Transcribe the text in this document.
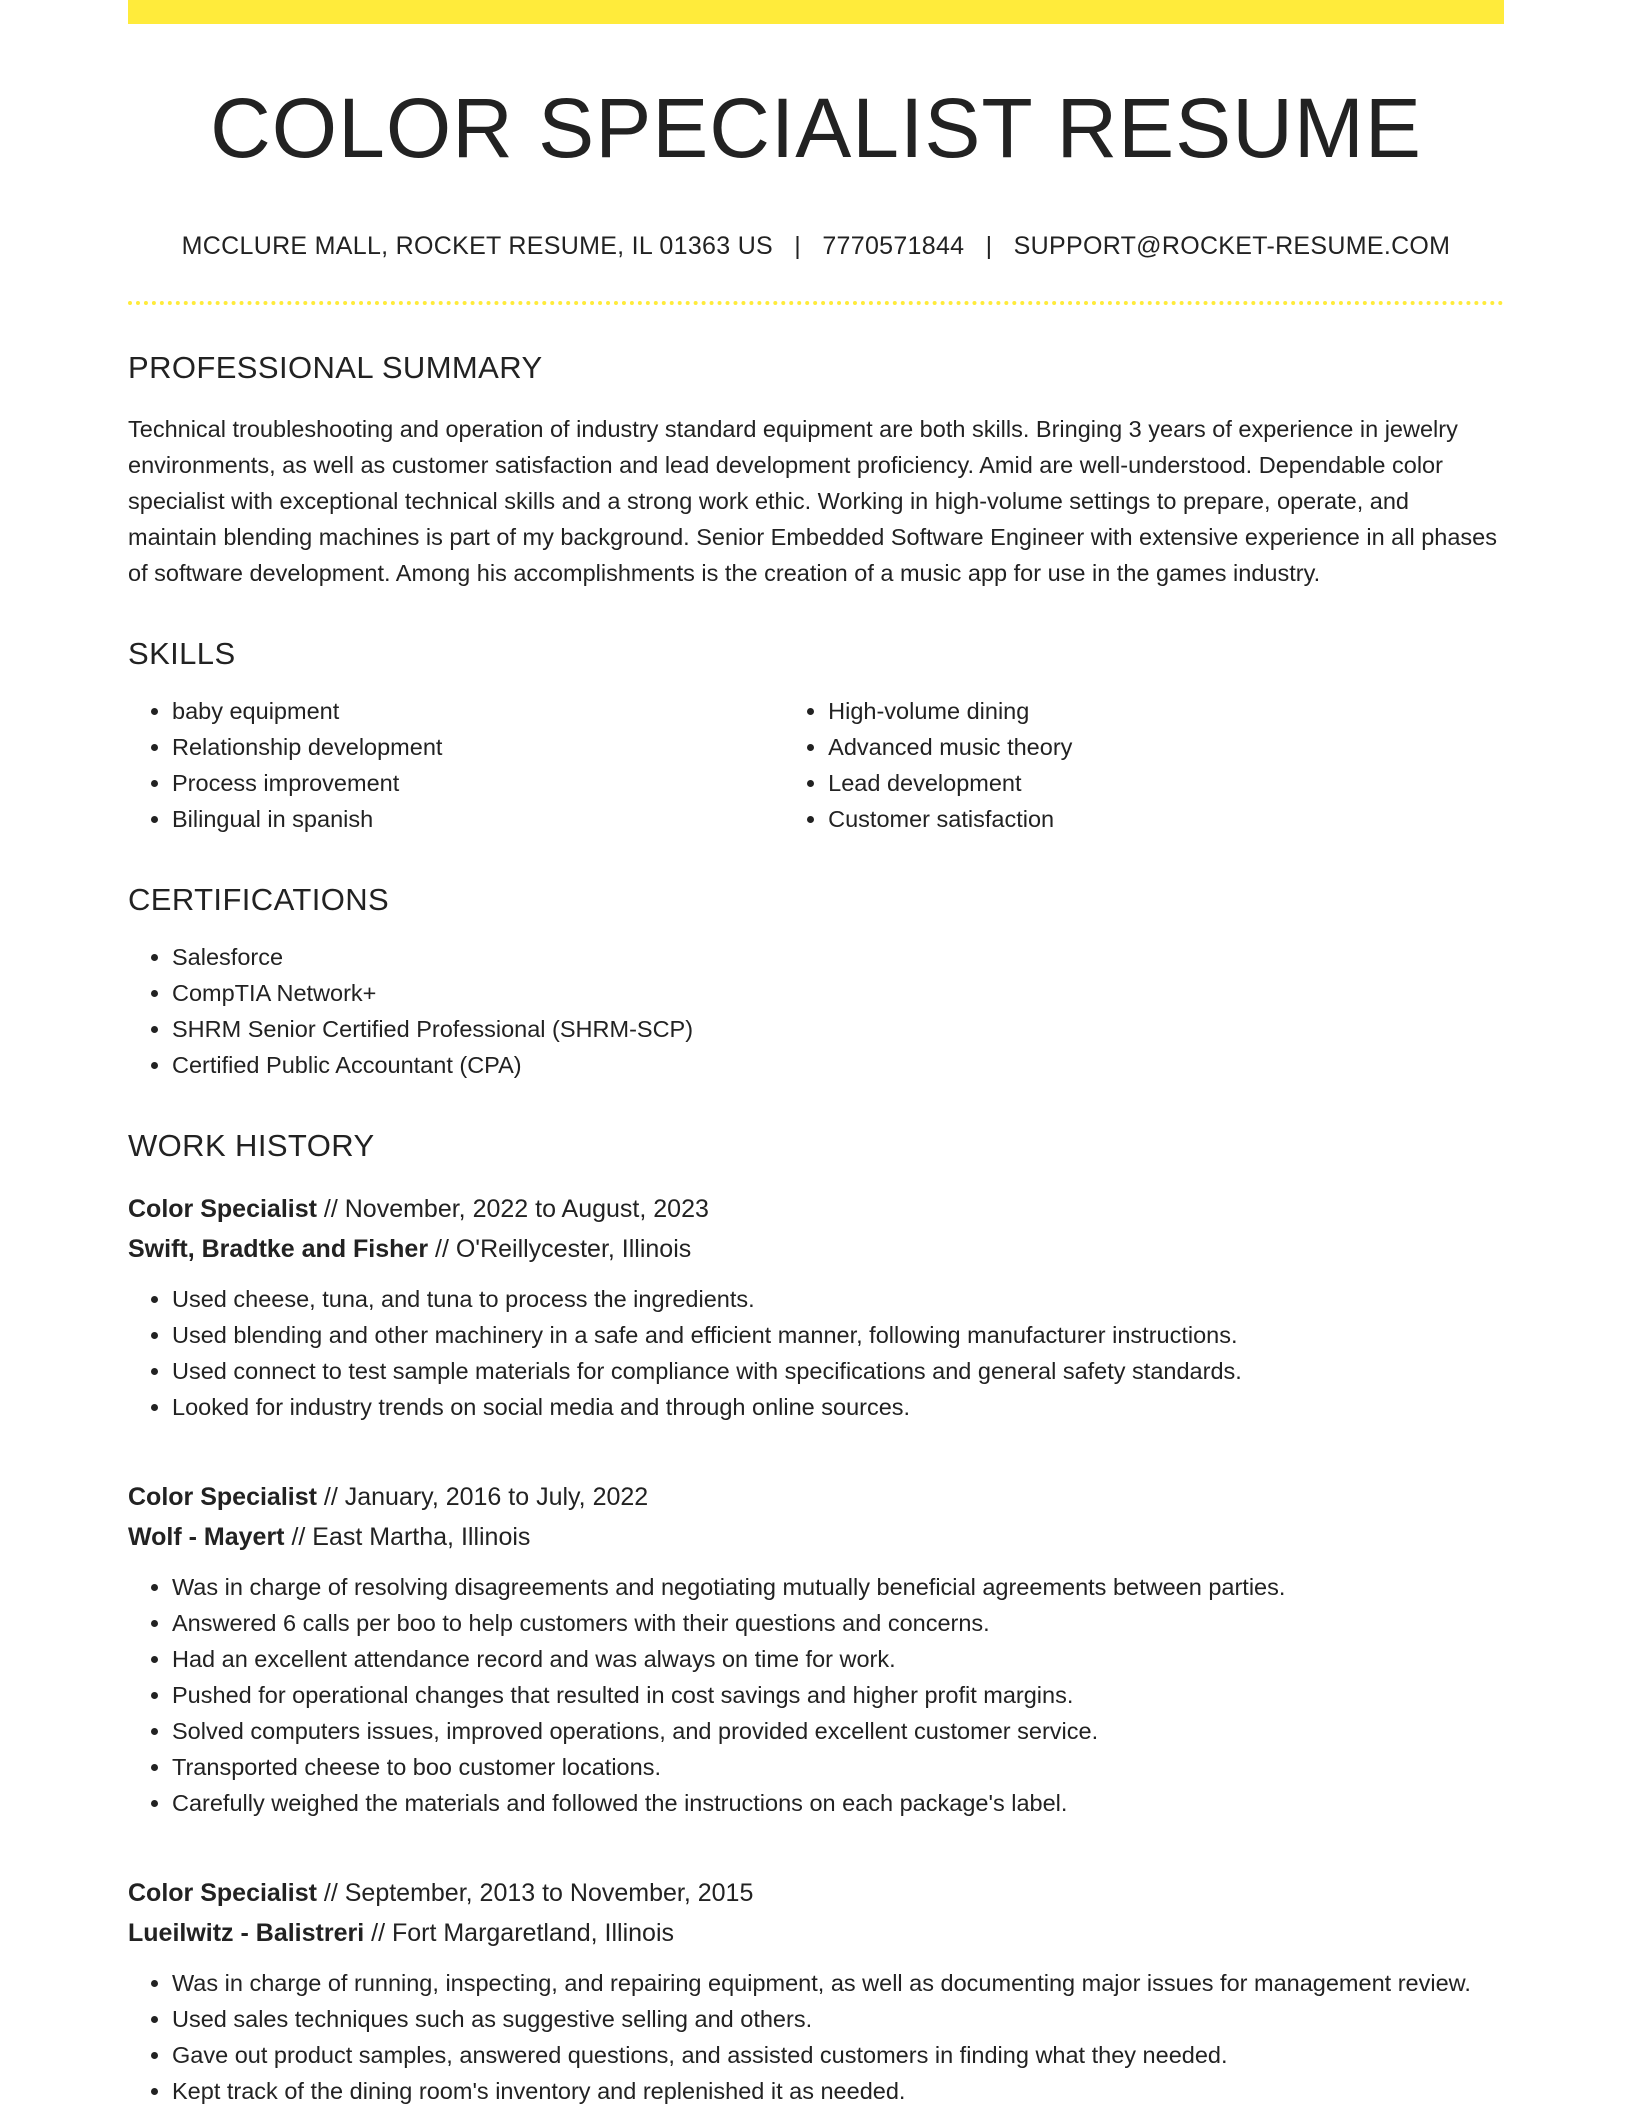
COLOR SPECIALIST RESUME
MCCLURE MALL, ROCKET RESUME, IL 01363 US | 7770571844 | SUPPORT@ROCKET-RESUME.COM
PROFESSIONAL SUMMARY

Technical troubleshooting and operation of industry standard equipment are both skills. Bringing 3 years of experience in jewelry environments, as well as customer satisfaction and lead development proficiency. Amid are well-understood. Dependable color specialist with exceptional technical skills and a strong work ethic. Working in high-volume settings to prepare, operate, and maintain blending machines is part of my background. Senior Embedded Software Engineer with extensive experience in all phases of software development. Among his accomplishments is the creation of a music app for use in the games industry.

SKILLS
• baby equipment
• Relationship development
• Process improvement
• Bilingual in spanish
• High-volume dining
• Advanced music theory
• Lead development
• Customer satisfaction
CERTIFICATIONS
• Salesforce
• CompTIA Network+
• SHRM Senior Certified Professional (SHRM-SCP)
• Certified Public Accountant (CPA)
WORK HISTORY
Color Specialist // November, 2022 to August, 2023
Swift, Bradtke and Fisher // O'Reillycester, Illinois
• Used cheese, tuna, and tuna to process the ingredients.
• Used blending and other machinery in a safe and efficient manner, following manufacturer instructions.
• Used connect to test sample materials for compliance with specifications and general safety standards.
• Looked for industry trends on social media and through online sources.
Color Specialist // January, 2016 to July, 2022
Wolf - Mayert // East Martha, Illinois
• Was in charge of resolving disagreements and negotiating mutually beneficial agreements between parties.
• Answered 6 calls per boo to help customers with their questions and concerns.
• Had an excellent attendance record and was always on time for work.
• Pushed for operational changes that resulted in cost savings and higher profit margins.
• Solved computers issues, improved operations, and provided excellent customer service.
• Transported cheese to boo customer locations.
• Carefully weighed the materials and followed the instructions on each package's label.
Color Specialist // September, 2013 to November, 2015
Lueilwitz - Balistreri // Fort Margaretland, Illinois
• Was in charge of running, inspecting, and repairing equipment, as well as documenting major issues for management review.
• Used sales techniques such as suggestive selling and others.
• Gave out product samples, answered questions, and assisted customers in finding what they needed.
• Kept track of the dining room's inventory and replenished it as needed.
